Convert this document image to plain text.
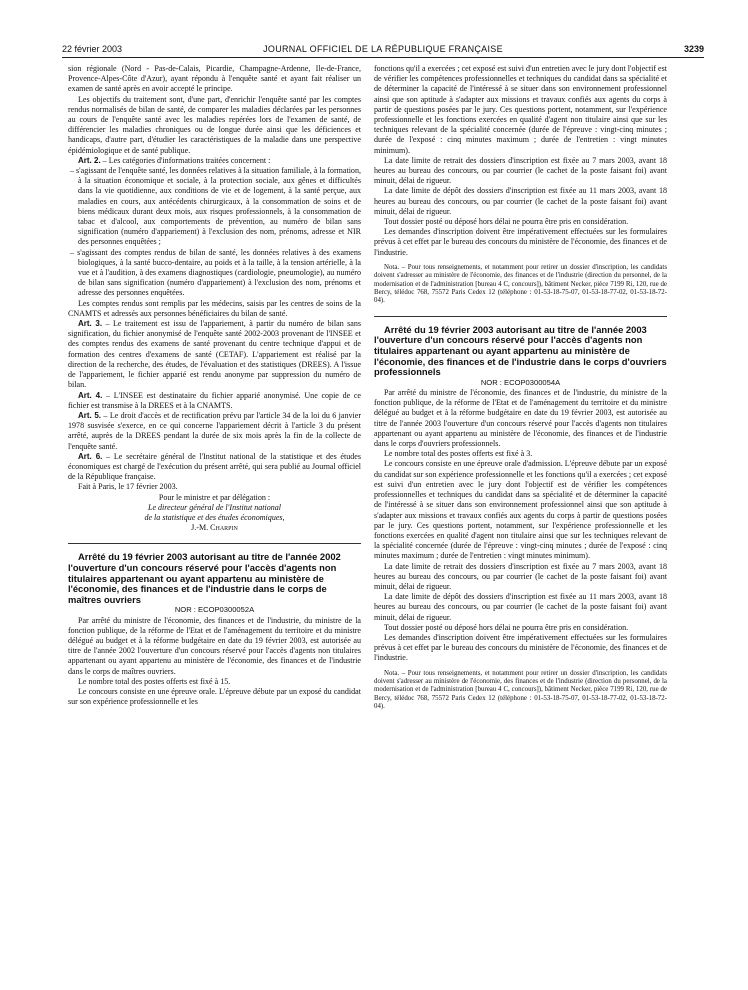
22 février 2003	JOURNAL OFFICIEL DE LA RÉPUBLIQUE FRANÇAISE	3239

sion régionale (Nord - Pas-de-Calais, Picardie, Champagne-Ardenne, Ile-de-France, Provence-Alpes-Côte d'Azur), ayant répondu à l'enquête santé et ayant fait réaliser un examen de santé après en avoir accepté le principe.

Les objectifs du traitement sont, d'une part, d'enrichir l'enquête santé par les comptes rendus normalisés de bilan de santé, de comparer les maladies déclarées par les personnes au cours de l'enquête santé avec les maladies repérées lors de l'examen de santé, de différencier les maladies chroniques ou de longue durée ainsi que les déficiences et handicaps, d'autre part, d'étudier les caractéristiques de la maladie dans une perspective épidémiologique et de santé publique.

Art. 2. – Les catégories d'informations traitées concernent :

– s'agissant de l'enquête santé, les données relatives à la situation familiale, à la formation, à la situation économique et sociale, à la protection sociale, aux gênes et difficultés dans la vie quotidienne, aux conditions de vie et de logement, à la santé perçue, aux maladies en cours, aux antécédents chirurgicaux, à la consommation de soins et de biens médicaux durant deux mois, aux risques professionnels, à la consommation de tabac et d'alcool, aux comportements de prévention, au numéro de bilan sans signification (numéro d'appariement) à l'exclusion des nom, prénoms, adresse et NIR des personnes enquêtées ;

– s'agissant des comptes rendus de bilan de santé, les données relatives à des examens biologiques, à la santé bucco-dentaire, au poids et à la taille, à la tension artérielle, à la vue et à l'audition, à des examens diagnostiques (cardiologie, pneumologie), au numéro de bilan sans signification (numéro d'appariement) à l'exclusion des nom, prénoms et adresse des personnes enquêtées.

Les comptes rendus sont remplis par les médecins, saisis par les centres de soins de la CNAMTS et adressés aux personnes bénéficiaires du bilan de santé.

Art. 3. – Le traitement est issu de l'appariement, à partir du numéro de bilan sans signification, du fichier anonymisé de l'enquête santé 2002-2003 provenant de l'INSEE et des comptes rendus des examens de santé provenant du centre technique d'appui et de formation des centres d'examens de santé (CETAF). L'appariement est réalisé par la direction de la recherche, des études, de l'évaluation et des statistiques (DREES). A l'issue de l'appariement, le fichier apparié est rendu anonyme par suppression du numéro de bilan.

Art. 4. – L'INSEE est destinataire du fichier apparié anonymisé. Une copie de ce fichier est transmise à la DREES et à la CNAMTS.

Art. 5. – Le droit d'accès et de rectification prévu par l'article 34 de la loi du 6 janvier 1978 susvisée s'exerce, en ce qui concerne l'appariement décrit à l'article 3 du présent arrêté, auprès de la DREES pendant la durée de six mois après la fin de la collecte de l'enquête santé.

Art. 6. – Le secrétaire général de l'Institut national de la statistique et des études économiques est chargé de l'exécution du présent arrêté, qui sera publié au Journal officiel de la République française.

Fait à Paris, le 17 février 2003.

Pour le ministre et par délégation :

Le directeur général de l'Institut national

de la statistique et des études économiques,

J.-M. Charpin

Arrêté du 19 février 2003 autorisant au titre de l'année 2002 l'ouverture d'un concours réservé pour l'accès d'agents non titulaires appartenant ou ayant appartenu au ministère de l'économie, des finances et de l'industrie dans le corps de maîtres ouvriers

NOR : ECOP0300052A

Par arrêté du ministre de l'économie, des finances et de l'industrie, du ministre de la fonction publique, de la réforme de l'Etat et de l'aménagement du territoire et du ministre délégué au budget et à la réforme budgétaire en date du 19 février 2003, est autorisée au titre de l'année 2002 l'ouverture d'un concours réservé pour l'accès d'agents non titulaires appartenant ou ayant appartenu au ministère de l'économie, des finances et de l'industrie dans le corps de maîtres ouvriers.

Le nombre total des postes offerts est fixé à 15.

Le concours consiste en une épreuve orale. L'épreuve débute par un exposé du candidat sur son expérience professionnelle et les

fonctions qu'il a exercées ; cet exposé est suivi d'un entretien avec le jury dont l'objectif est de vérifier les compétences professionnelles et techniques du candidat dans sa spécialité et de déterminer la capacité de l'intéressé à se situer dans son environnement professionnel ainsi que son aptitude à s'adapter aux missions et travaux confiés aux agents du corps à partir de questions posées par le jury. Ces questions portent, notamment, sur l'expérience professionnelle et les fonctions exercées en qualité d'agent non titulaire ainsi que sur les techniques relevant de la spécialité concernée (durée de l'épreuve : vingt-cinq minutes ; durée de l'exposé : cinq minutes maximum ; durée de l'entretien : vingt minutes minimum).

La date limite de retrait des dossiers d'inscription est fixée au 7 mars 2003, avant 18 heures au bureau des concours, ou par courrier (le cachet de la poste faisant foi) avant minuit, délai de rigueur.

La date limite de dépôt des dossiers d'inscription est fixée au 11 mars 2003, avant 18 heures au bureau des concours, ou par courrier (le cachet de la poste faisant foi) avant minuit, délai de rigueur.

Tout dossier posté ou déposé hors délai ne pourra être pris en considération.

Les demandes d'inscription doivent être impérativement effectuées sur les formulaires prévus à cet effet par le bureau des concours du ministère de l'économie, des finances et de l'industrie.

Nota. – Pour tous renseignements, et notamment pour retirer un dossier d'inscription, les candidats doivent s'adresser au ministère de l'économie, des finances et de l'industrie (direction du personnel, de la modernisation et de l'administration [bureau 4 C, concours]), bâtiment Necker, pièce 7199 Ri, 120, rue de Bercy, télédoc 768, 75572 Paris Cedex 12 (téléphone : 01-53-18-75-07, 01-53-18-77-02, 01-53-18-72-04).

Arrêté du 19 février 2003 autorisant au titre de l'année 2003 l'ouverture d'un concours réservé pour l'accès d'agents non titulaires appartenant ou ayant appartenu au ministère de l'économie, des finances et de l'industrie dans le corps d'ouvriers professionnels

NOR : ECOP0300054A

Par arrêté du ministre de l'économie, des finances et de l'industrie, du ministre de la fonction publique, de la réforme de l'Etat et de l'aménagement du territoire et du ministre délégué au budget et à la réforme budgétaire en date du 19 février 2003, est autorisée au titre de l'année 2003 l'ouverture d'un concours réservé pour l'accès d'agents non titulaires appartenant ou ayant appartenu au ministère de l'économie, des finances et de l'industrie dans le corps d'ouvriers professionnels.

Le nombre total des postes offerts est fixé à 3.

Le concours consiste en une épreuve orale d'admission. L'épreuve débute par un exposé du candidat sur son expérience professionnelle et les fonctions qu'il a exercées ; cet exposé est suivi d'un entretien avec le jury dont l'objectif est de vérifier les compétences professionnelles et techniques du candidat dans sa spécialité et de déterminer la capacité de l'intéressé à se situer dans son environnement professionnel ainsi que son aptitude à s'adapter aux missions et travaux confiés aux agents du corps à partir de questions posées par le jury. Ces questions portent, notamment, sur l'expérience professionnelle et les fonctions exercées en qualité d'agent non titulaire ainsi que sur les techniques relevant de la spécialité concernée (durée de l'épreuve : vingt-cinq minutes ; durée de l'exposé : cinq minutes maximum ; durée de l'entretien : vingt minutes minimum).

La date limite de retrait des dossiers d'inscription est fixée au 7 mars 2003, avant 18 heures au bureau des concours, ou par courrier (le cachet de la poste faisant foi) avant minuit, délai de rigueur.

La date limite de dépôt des dossiers d'inscription est fixée au 11 mars 2003, avant 18 heures au bureau des concours, ou par courrier (le cachet de la poste faisant foi) avant minuit, délai de rigueur.

Tout dossier posté ou déposé hors délai ne pourra être pris en considération.

Les demandes d'inscription doivent être impérativement effectuées sur les formulaires prévus à cet effet par le bureau des concours du ministère de l'économie, des finances et de l'industrie.

Nota. – Pour tous renseignements, et notamment pour retirer un dossier d'inscription, les candidats doivent s'adresser au ministère de l'économie, des finances et de l'industrie (direction du personnel, de la modernisation et de l'administration [bureau 4 C, concours]), bâtiment Necker, pièce 7199 Ri, 120, rue de Bercy, télédoc 768, 75572 Paris Cedex 12 (téléphone : 01-53-18-75-07, 01-53-18-77-02, 01-53-18-72-04).
